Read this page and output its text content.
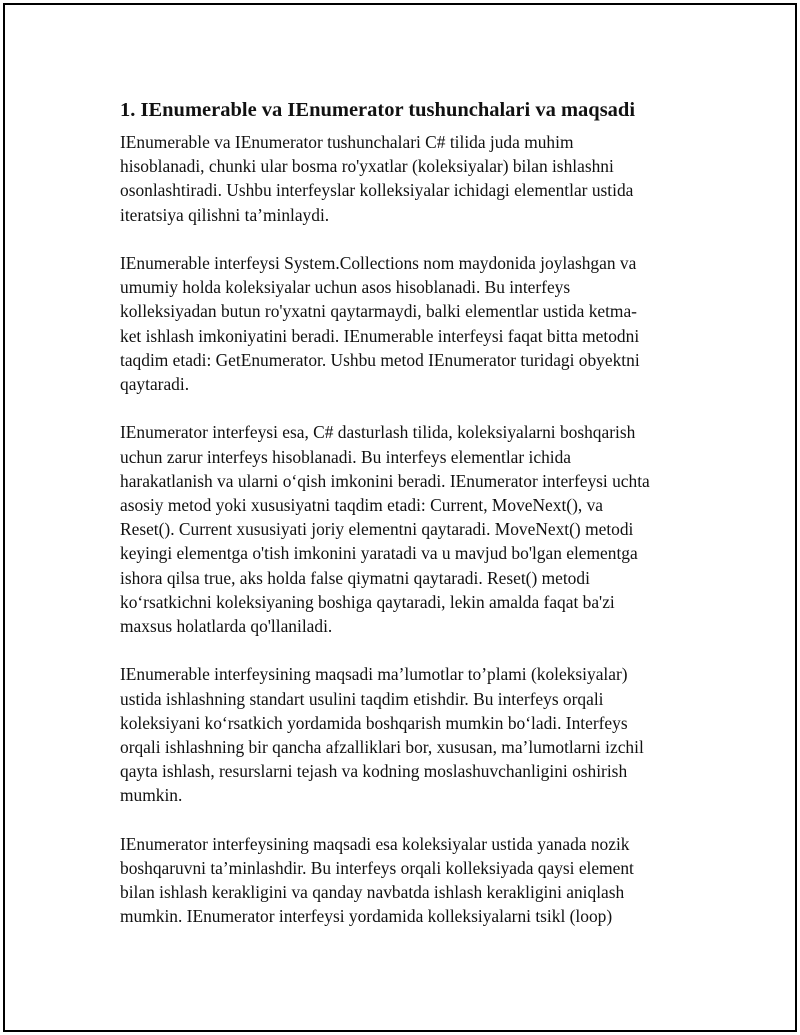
1. IEnumerable va IEnumerator tushunchalari va maqsadi

IEnumerable va IEnumerator tushunchalari C# tilida juda muhim
hisoblanadi, chunki ular bosma ro'yxatlar (koleksiyalar) bilan ishlashni
osonlashtiradi. Ushbu interfeyslar kolleksiyalar ichidagi elementlar ustida
iteratsiya qilishni ta’minlaydi.

IEnumerable interfeysi System.Collections nom maydonida joylashgan va
umumiy holda koleksiyalar uchun asos hisoblanadi. Bu interfeys
kolleksiyadan butun ro'yxatni qaytarmaydi, balki elementlar ustida ketma-
ket ishlash imkoniyatini beradi. IEnumerable interfeysi faqat bitta metodni
taqdim etadi: GetEnumerator. Ushbu metod IEnumerator turidagi obyektni
qaytaradi.

IEnumerator interfeysi esa, C# dasturlash tilida, koleksiyalarni boshqarish
uchun zarur interfeys hisoblanadi. Bu interfeys elementlar ichida
harakatlanish va ularni o‘qish imkonini beradi. IEnumerator interfeysi uchta
asosiy metod yoki xususiyatni taqdim etadi: Current, MoveNext(), va
Reset(). Current xususiyati joriy elementni qaytaradi. MoveNext() metodi
keyingi elementga o'tish imkonini yaratadi va u mavjud bo'lgan elementga
ishora qilsa true, aks holda false qiymatni qaytaradi. Reset() metodi
ko‘rsatkichni koleksiyaning boshiga qaytaradi, lekin amalda faqat ba'zi
maxsus holatlarda qo'llaniladi.

IEnumerable interfeysining maqsadi ma’lumotlar to’plami (koleksiyalar)
ustida ishlashning standart usulini taqdim etishdir. Bu interfeys orqali
koleksiyani ko‘rsatkich yordamida boshqarish mumkin bo‘ladi. Interfeys
orqali ishlashning bir qancha afzalliklari bor, xususan, ma’lumotlarni izchil
qayta ishlash, resurslarni tejash va kodning moslashuvchanligini oshirish
mumkin.

IEnumerator interfeysining maqsadi esa koleksiyalar ustida yanada nozik
boshqaruvni ta’minlashdir. Bu interfeys orqali kolleksiyada qaysi element
bilan ishlash kerakligini va qanday navbatda ishlash kerakligini aniqlash
mumkin. IEnumerator interfeysi yordamida kolleksiyalarni tsikl (loop)
